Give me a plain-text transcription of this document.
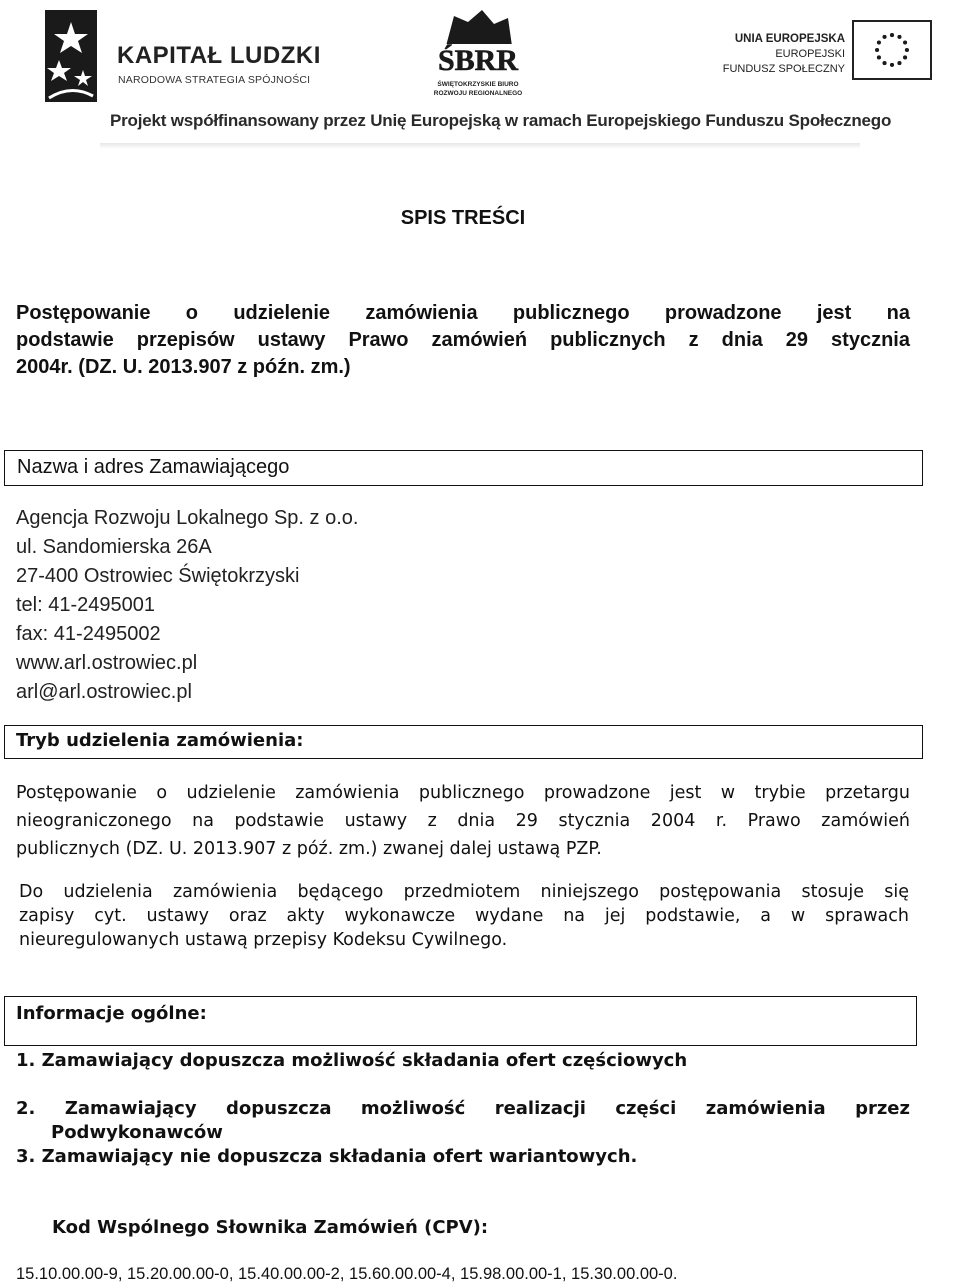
KAPITAŁ LUDZKI
NARODOWA STRATEGIA SPÓJNOŚCI
ŚBRR
ŚWIĘTOKRZYSKIE BIURO
ROZWOJU REGIONALNEGO
UNIA EUROPEJSKA
EUROPEJSKI
FUNDUSZ SPOŁECZNY
Projekt współfinansowany przez Unię Europejską w ramach Europejskiego Funduszu Społecznego
SPIS TREŚCI
Postępowanie o udzielenie zamówienia publicznego prowadzone jest na
podstawie przepisów ustawy Prawo zamówień publicznych z dnia 29 stycznia
2004r. (DZ. U. 2013.907 z późn. zm.)
Nazwa i adres Zamawiającego
Agencja Rozwoju Lokalnego Sp. z o.o.
ul. Sandomierska 26A
27-400 Ostrowiec Świętokrzyski
tel: 41-2495001
fax: 41-2495002
www.arl.ostrowiec.pl
arl@arl.ostrowiec.pl
Tryb udzielenia zamówienia:
Postępowanie o udzielenie zamówienia publicznego prowadzone jest w trybie przetargu
nieograniczonego na podstawie ustawy z dnia 29 stycznia 2004 r. Prawo zamówień
publicznych (DZ. U. 2013.907 z póź. zm.) zwanej dalej ustawą PZP.
Do udzielenia zamówienia będącego przedmiotem niniejszego postępowania stosuje się
zapisy cyt. ustawy oraz akty wykonawcze wydane na jej podstawie, a w sprawach
nieuregulowanych ustawą przepisy Kodeksu Cywilnego.
Informacje ogólne:
1. Zamawiający dopuszcza możliwość składania ofert częściowych
2. Zamawiający dopuszcza możliwość realizacji części zamówienia przez
Podwykonawców
3. Zamawiający nie dopuszcza składania ofert wariantowych.
Kod Wspólnego Słownika Zamówień (CPV):
15.10.00.00-9, 15.20.00.00-0, 15.40.00.00-2, 15.60.00.00-4, 15.98.00.00-1, 15.30.00.00-0.
